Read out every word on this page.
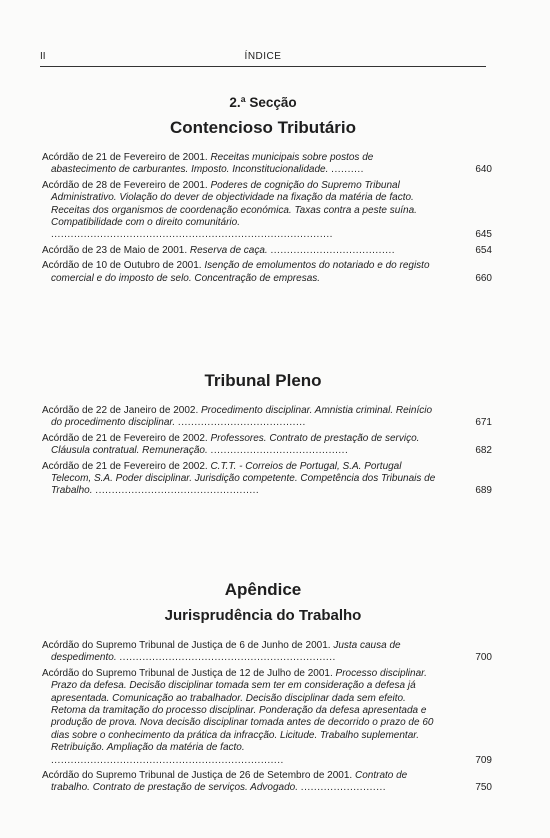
II	ÍNDICE
2.ª Secção
Contencioso Tributário
Acórdão de 21 de Fevereiro de 2001. Receitas municipais sobre postos de abastecimento de carburantes. Imposto. Inconstitucionalidade. ..........	640
Acórdão de 28 de Fevereiro de 2001. Poderes de cognição do Supremo Tribunal Administrativo. Violação do dever de objectividade na fixação da matéria de facto. Receitas dos organismos de coordenação económica. Taxas contra a peste suína. Compatibilidade com o direito comunitário. ......................................................................................	645
Acórdão de 23 de Maio de 2001. Reserva de caça. ......................................	654
Acórdão de 10 de Outubro de 2001. Isenção de emolumentos do notariado e do registo comercial e do imposto de selo. Concentração de empresas.	660
Tribunal Pleno
Acórdão de 22 de Janeiro de 2002. Procedimento disciplinar. Amnistia criminal. Reinício do procedimento disciplinar. .......................................	671
Acórdão de 21 de Fevereiro de 2002. Professores. Contrato de prestação de serviço. Cláusula contratual. Remuneração. ..........................................	682
Acórdão de 21 de Fevereiro de 2002. C.T.T. - Correios de Portugal, S.A. Portugal Telecom, S.A. Poder disciplinar. Jurisdição competente. Competência dos Tribunais de Trabalho. ..................................................	689
Apêndice
Jurisprudência do Trabalho
Acórdão do Supremo Tribunal de Justiça de 6 de Junho de 2001. Justa causa de despedimento. ..................................................................	700
Acórdão do Supremo Tribunal de Justiça de 12 de Julho de 2001. Processo disciplinar. Prazo da defesa. Decisão disciplinar tomada sem ter em consideração a defesa já apresentada. Comunicação ao trabalhador. Decisão disciplinar dada sem efeito. Retoma da tramitação do processo disciplinar. Ponderação da defesa apresentada e produção de prova. Nova decisão disciplinar tomada antes de decorrido o prazo de 60 dias sobre o conhecimento da prática da infracção. Licitude. Trabalho suplementar. Retribuição. Ampliação da matéria de facto. .......................................................................	709
Acórdão do Supremo Tribunal de Justiça de 26 de Setembro de 2001. Contrato de trabalho. Contrato de prestação de serviços. Advogado. ..........................	750
